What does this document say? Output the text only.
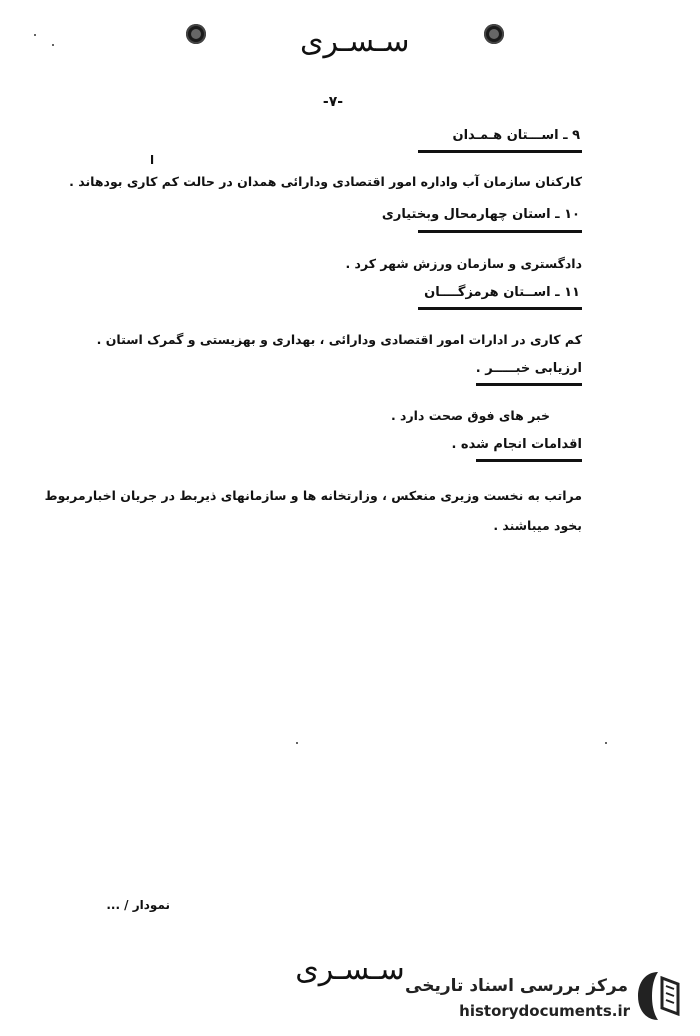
سـسـرى
-۷-
۹ ـ اســـتان هـمـدان
ا
کارکنان سازمان آب واداره امور اقتصادی ودارائی همدان در حالت کم کاری بودهاند .
۱۰ ـ استان چهارمحال وبختیاری
دادگستری و سازمان ورزش شهر کرد .
۱۱ ـ اســتان هرمزگــــان
کم کاری در ادارات امور اقتصادی ودارائی ، بهداری و بهزیستی و گمرک استان .
ارزیابی خبـــــر .
خبر های فوق صحت دارد .
اقدامات انجام شده .
مراتب به نخست وزیری منعکس ، وزارتخانه ها و سازمانهای ذیربط در جریان اخبارمربوط
بخود میباشند .
نمودار / ...
سـسـرى مرکز بررسی اسناد تاریخی
historydocuments.ir
